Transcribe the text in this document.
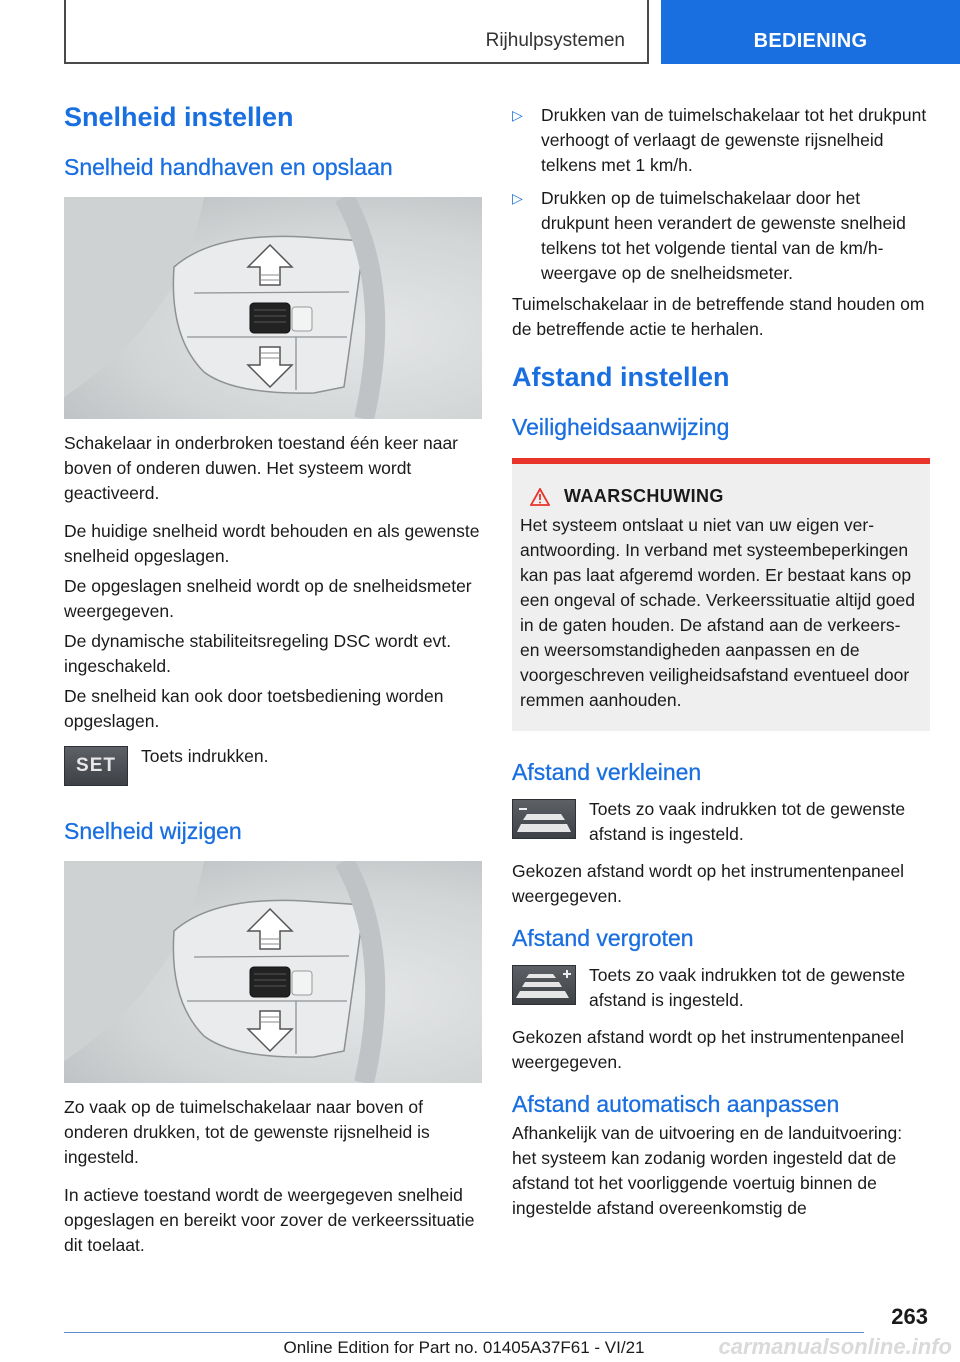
Rijhulpsystemen	BEDIENING
Snelheid instellen
Snelheid handhaven en opslaan

Schakelaar in onderbroken toestand één keer naar boven of onderen duwen. Het systeem wordt geactiveerd.

De huidige snelheid wordt behouden en als gewenste snelheid opgeslagen.

De opgeslagen snelheid wordt op de snelheidsmeter weergegeven.

De dynamische stabiliteitsregeling DSC wordt evt. ingeschakeld.

De snelheid kan ook door toetsbediening worden opgeslagen.

SET	Toets indrukken.

Snelheid wijzigen

Zo vaak op de tuimelschakelaar naar boven of onderen drukken, tot de gewenste rijsnelheid is ingesteld.

In actieve toestand wordt de weergegeven snelheid opgeslagen en bereikt voor zover de verkeerssituatie dit toelaat.

▷ Drukken van de tuimelschakelaar tot het drukpunt verhoogt of verlaagt de gewenste rijsnelheid telkens met 1 km/h.
▷ Drukken op de tuimelschakelaar door het drukpunt heen verandert de gewenste snelheid telkens tot het volgende tiental van de km/h-weergave op de snelheidsmeter.

Tuimelschakelaar in de betreffende stand houden om de betreffende actie te herhalen.

Afstand instellen
Veiligheidsaanwijzing
WAARSCHUWING

Het systeem ontslaat u niet van uw eigen verantwoording. In verband met systeembeperkingen kan pas laat afgeremd worden. Er bestaat kans op een ongeval of schade. Verkeerssituatie altijd goed in de gaten houden. De afstand aan de verkeers- en weersomstandigheden aanpassen en de voorgeschreven veiligheidsafstand eventueel door remmen aanhouden.

Afstand verkleinen

Toets zo vaak indrukken tot de gewenste afstand is ingesteld.

Gekozen afstand wordt op het instrumentenpaneel weergegeven.

Afstand vergroten

Toets zo vaak indrukken tot de gewenste afstand is ingesteld.

Gekozen afstand wordt op het instrumentenpaneel weergegeven.

Afstand automatisch aanpassen

Afhankelijk van de uitvoering en de landuitvoering: het systeem kan zodanig worden ingesteld dat de afstand tot het voorliggende voertuig binnen de ingestelde afstand overeenkomstig de

263
Online Edition for Part no. 01405A37F61 - VI/21	carmanualsonline.info
